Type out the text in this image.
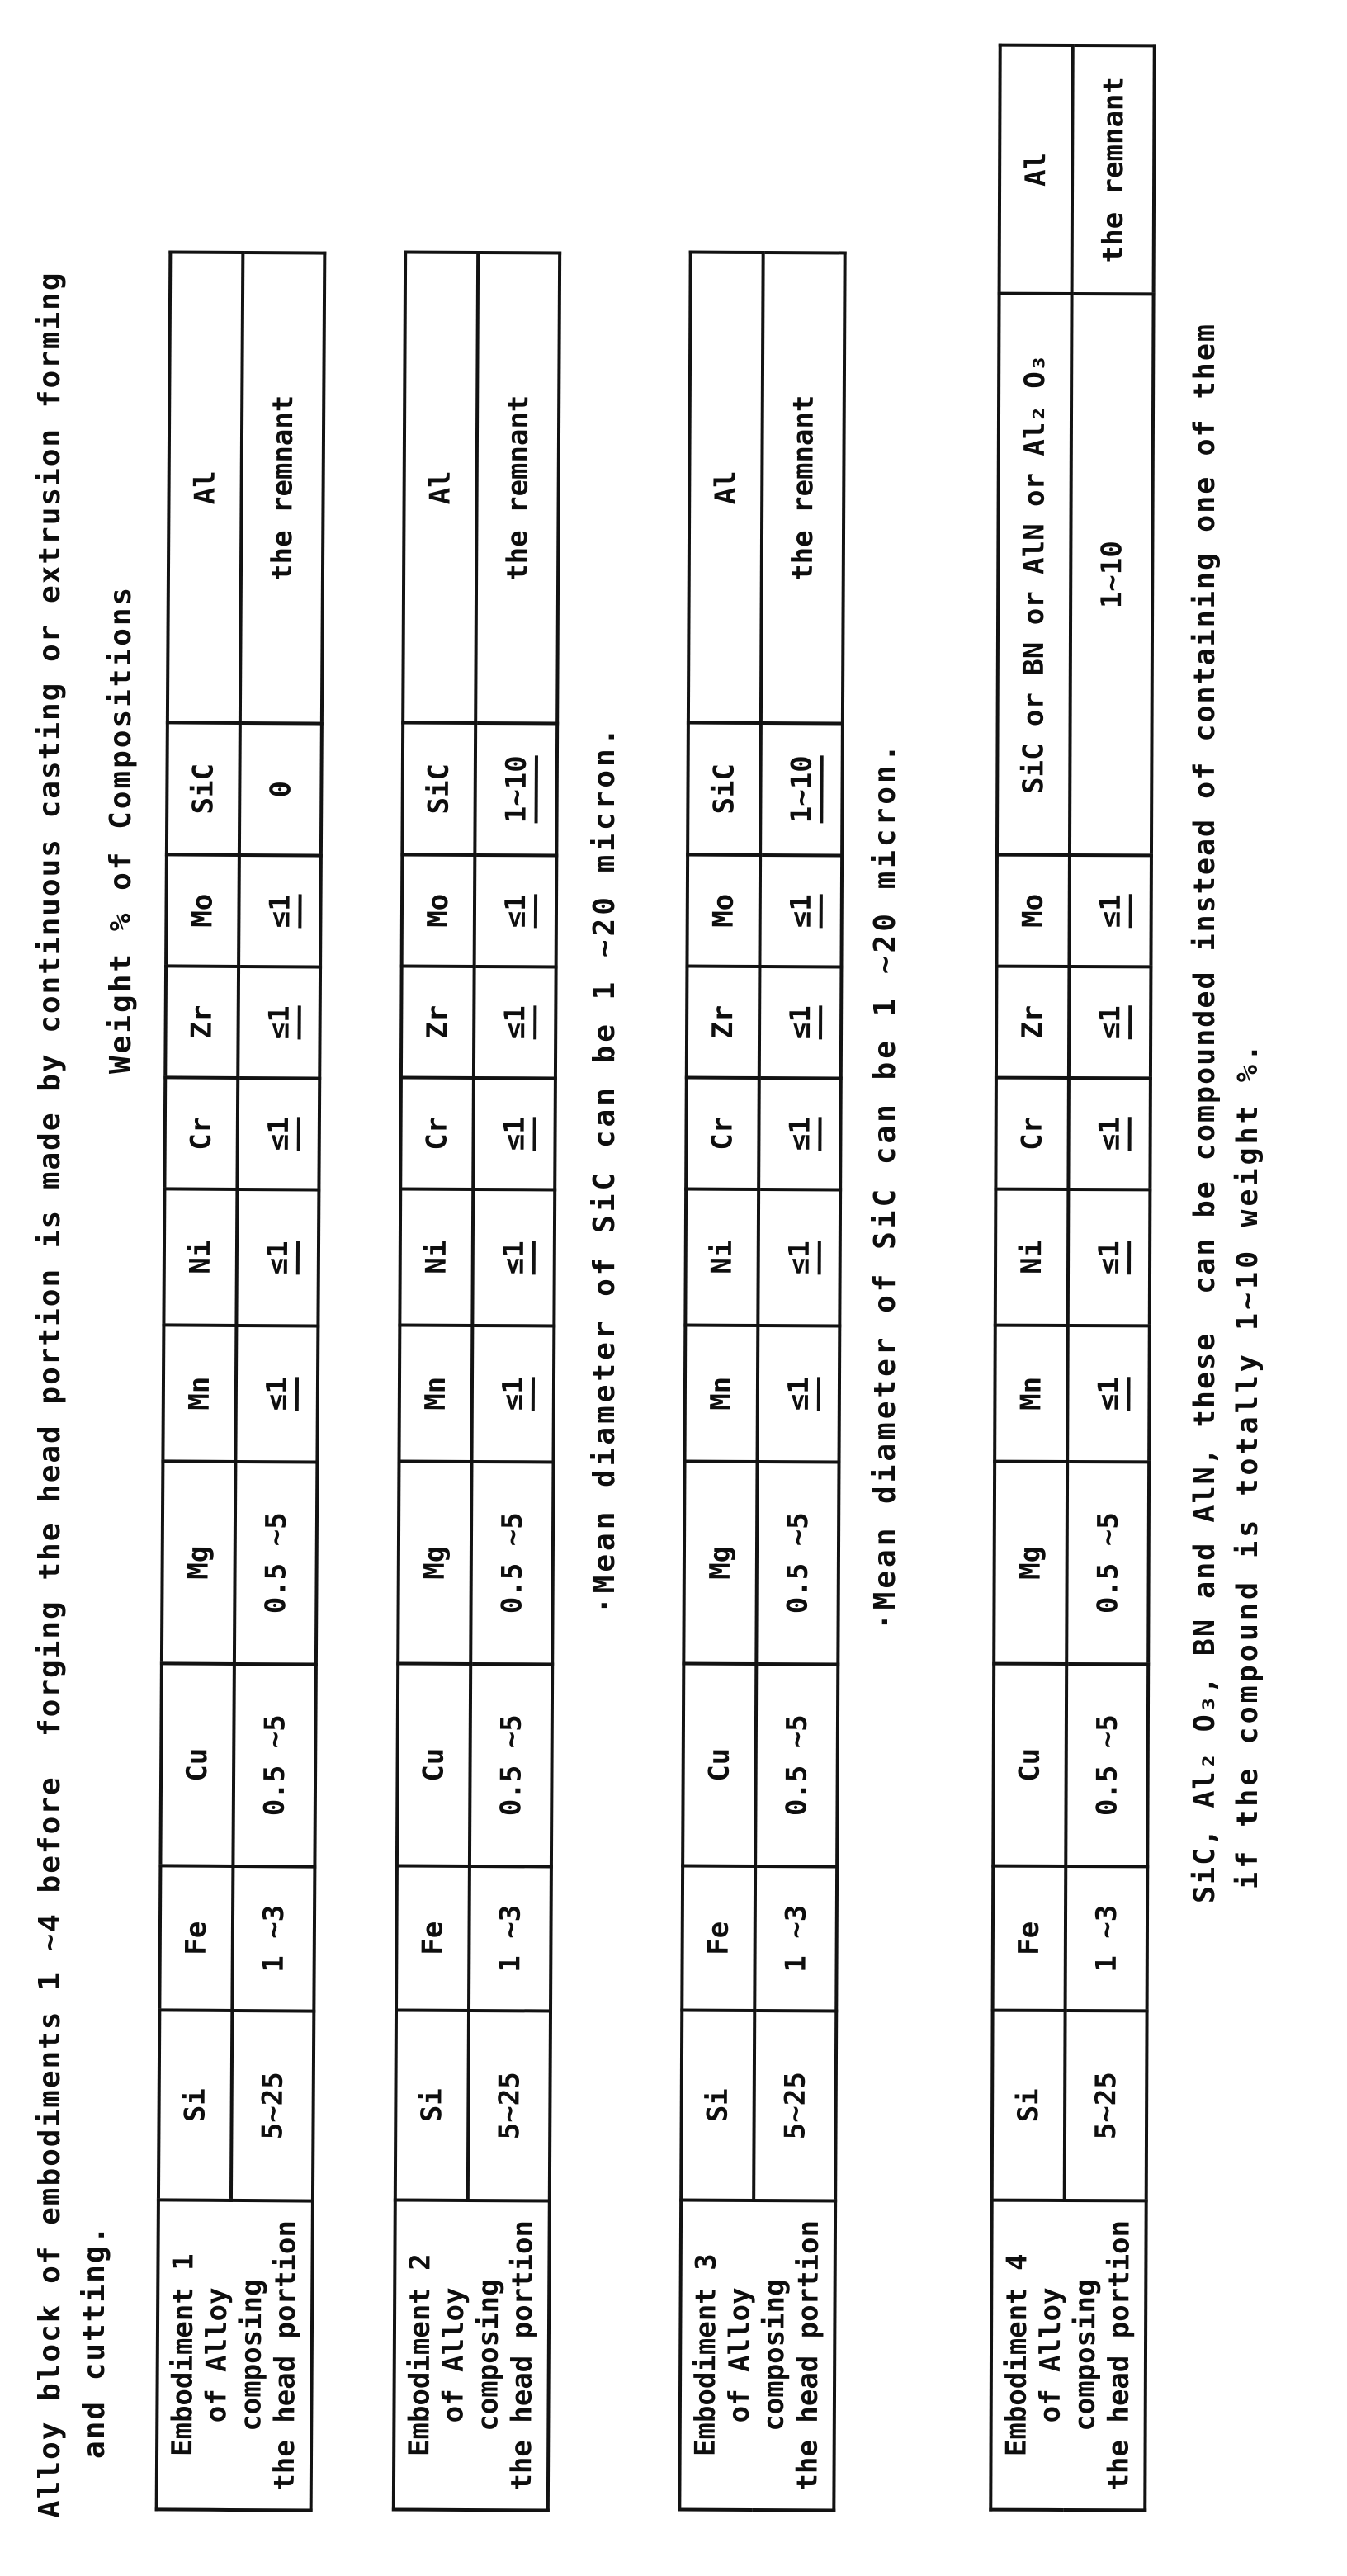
Alloy block of embodiments 1 ~4 before  forging the head portion is made by continuous casting or extrusion forming and cutting.
Weight % of Compositions
Embodiment 1
of Alloy composing
the head portion	Si	Fe	Cu	Mg	Mn	Ni	Cr	Zr	Mo	SiC	Al
	5~25	1 ~3	0.5 ~5	0.5 ~5	≤1	≤1	≤1	≤1	≤1	0	the remnant
Embodiment 2
of Alloy composing
the head portion	Si	Fe	Cu	Mg	Mn	Ni	Cr	Zr	Mo	SiC	Al
	5~25	1 ~3	0.5 ~5	0.5 ~5	≤1	≤1	≤1	≤1	≤1	1~10	the remnant
·Mean diameter of SiC can be 1 ~20 micron.
Embodiment 3
of Alloy composing
the head portion	Si	Fe	Cu	Mg	Mn	Ni	Cr	Zr	Mo	SiC	Al
	5~25	1 ~3	0.5 ~5	0.5 ~5	≤1	≤1	≤1	≤1	≤1	1~10	the remnant
·Mean diameter of SiC can be 1 ~20 micron.
Embodiment 4
of Alloy composing
the head portion	Si	Fe	Cu	Mg	Mn	Ni	Cr	Zr	Mo	SiC or BN or AlN or Al₂ O₃	Al
	5~25	1 ~3	0.5 ~5	0.5 ~5	≤1	≤1	≤1	≤1	≤1	1~10	the remnant
SiC, Al₂ O₃, BN and AlN, these  can be compounded instead of containing one of them if the compound is totally 1~10 weight %.
